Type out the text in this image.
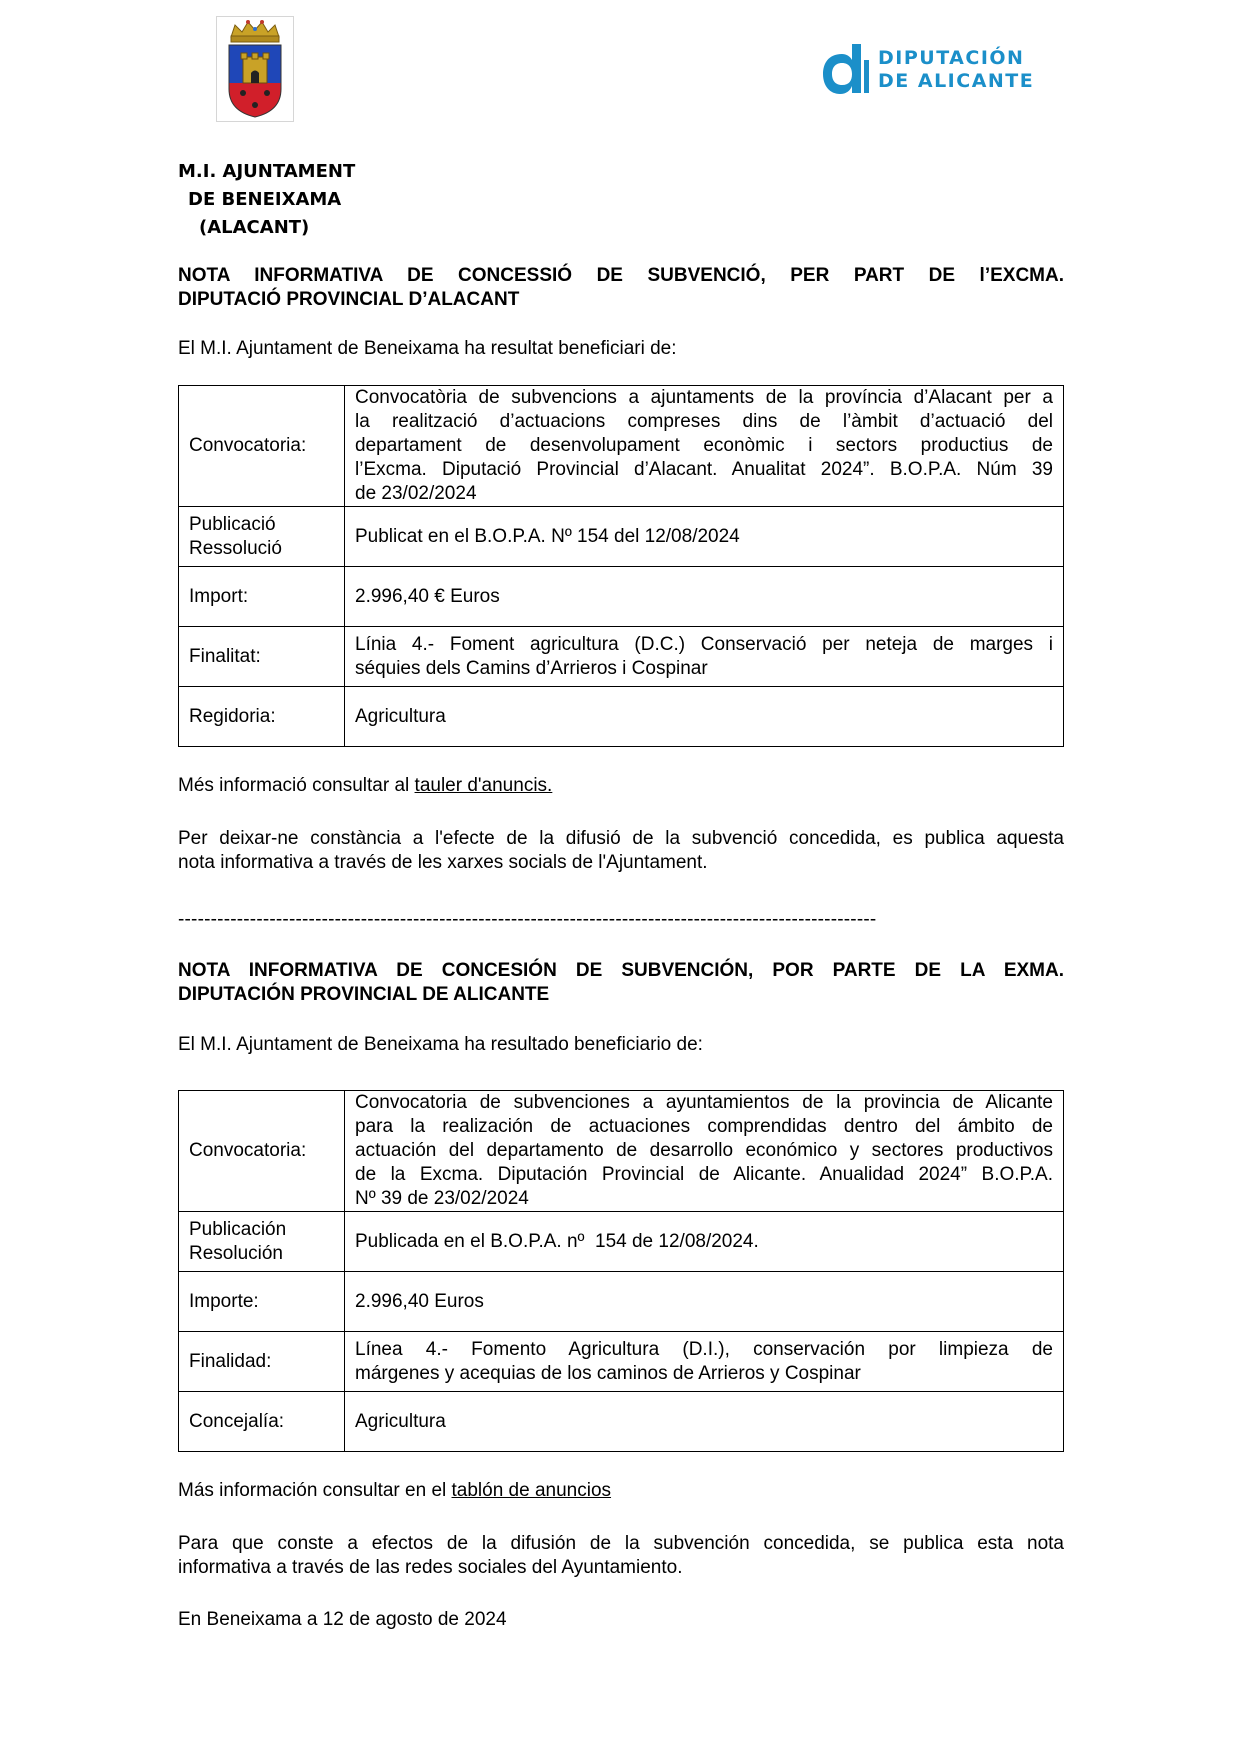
DIPUTACIÓN
DE ALICANTE
M.I. AJUNTAMENT
DE BENEIXAMA
(ALACANT)
NOTA INFORMATIVA DE CONCESSIÓ DE SUBVENCIÓ, PER PART DE l’EXCMA.
DIPUTACIÓ PROVINCIAL D’ALACANT
El M.I. Ajuntament de Beneixama ha resultat beneficiari de:
Convocatoria:	Convocatòria de subvencions a ajuntaments de la província d’Alacant per a
la realització d’actuacions compreses dins de l’àmbit d’actuació del
departament de desenvolupament econòmic i sectors productius de
l’Excma. Diputació Provincial d’Alacant. Anualitat 2024”. B.O.P.A. Núm 39
de 23/02/2024

Publicació
Ressolució	Publicat en el B.O.P.A. Nº 154 del 12/08/2024

Import:	2.996,40 € Euros

Finalitat:	Línia 4.- Foment agricultura (D.C.) Conservació per neteja de marges i
séquies dels Camins d’Arrieros i Cospinar

Regidoria:	Agricultura
Més informació consultar al tauler d'anuncis.
Per deixar-ne constància a l'efecte de la difusió de la subvenció concedida, es publica aquesta
nota informativa a través de les xarxes socials de l'Ajuntament.
-----------------------------------------------------------------------------------------------------------
NOTA INFORMATIVA DE CONCESIÓN DE SUBVENCIÓN, POR PARTE DE LA EXMA.
DIPUTACIÓN PROVINCIAL DE ALICANTE
El M.I. Ajuntament de Beneixama ha resultado beneficiario de:
Convocatoria:	Convocatoria de subvenciones a ayuntamientos de la provincia de Alicante
para la realización de actuaciones comprendidas dentro del ámbito de
actuación del departamento de desarrollo económico y sectores productivos
de la Excma. Diputación Provincial de Alicante. Anualidad 2024” B.O.P.A.
Nº 39 de 23/02/2024

Publicación
Resolución	Publicada en el B.O.P.A. nº  154 de 12/08/2024.

Importe:	2.996,40 Euros

Finalidad:	Línea 4.- Fomento Agricultura (D.I.), conservación por limpieza de
márgenes y acequias de los caminos de Arrieros y Cospinar

Concejalía:	Agricultura
Más información consultar en el tablón de anuncios
Para que conste a efectos de la difusión de la subvención concedida, se publica esta nota
informativa a través de las redes sociales del Ayuntamiento.
En Beneixama a 12 de agosto de 2024
